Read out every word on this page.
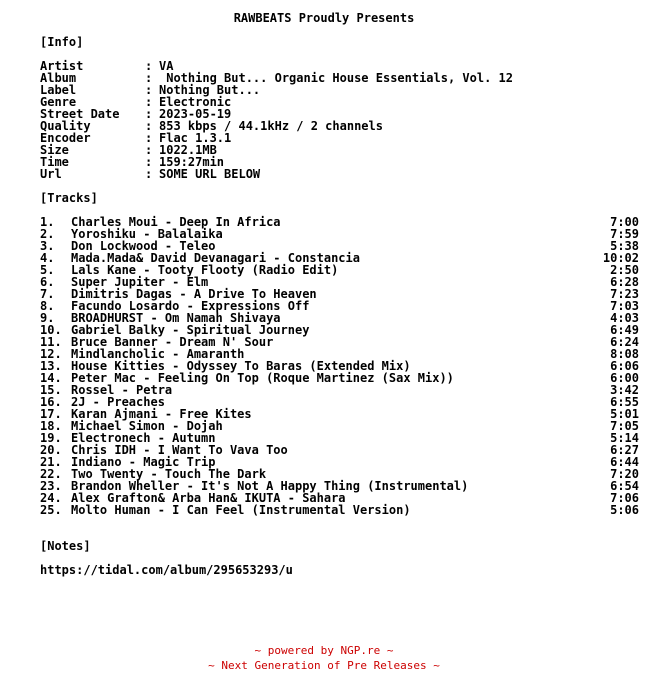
RAWBEATS Proudly Presents
[Info]
Artist	: VA
Album	: Nothing But... Organic House Essentials, Vol. 12
Label	: Nothing But...
Genre	: Electronic
Street Date : 2023-05-19
Quality	: 853 kbps / 44.1kHz / 2 channels
Encoder	: Flac 1.3.1
Size	: 1022.1MB
Time	: 159:27min
Url	: SOME URL BELOW
[Tracks]
1. Charles Moui - Deep In Africa	7:00
2. Yoroshiku - Balalaika	7:59
3. Don Lockwood - Teleo	5:38
4. Mada.Mada& David Devanagari - Constancia	10:02
5. Lals Kane - Tooty Flooty (Radio Edit)	2:50
6. Super Jupiter - Elm	6:28
7. Dimitris Dagas - A Drive To Heaven	7:23
8. Facundo Losardo - Expressions Off	7:03
9. BROADHURST - Om Namah Shivaya	4:03
10. Gabriel Balky - Spiritual Journey	6:49
11. Bruce Banner - Dream N' Sour	6:24
12. Mindlancholic - Amaranth	8:08
13. House Kitties - Odyssey To Baras (Extended Mix)	6:06
14. Peter Mac - Feeling On Top (Roque Martinez (Sax Mix))	6:00
15. Rossel - Petra	3:42
16. 2J - Preaches	6:55
17. Karan Ajmani - Free Kites	5:01
18. Michael Simon - Dojah	7:05
19. Electronech - Autumn	5:14
20. Chris IDH - I Want To Vava Too	6:27
21. Indiano - Magic Trip	6:44
22. Two Twenty - Touch The Dark	7:20
23. Brandon Wheller - It's Not A Happy Thing (Instrumental)	6:54
24. Alex Grafton& Arba Han& IKUTA - Sahara	7:06
25. Molto Human - I Can Feel (Instrumental Version)	5:06
[Notes]
https://tidal.com/album/295653293/u
~ powered by NGP.re ~
~ Next Generation of Pre Releases ~
